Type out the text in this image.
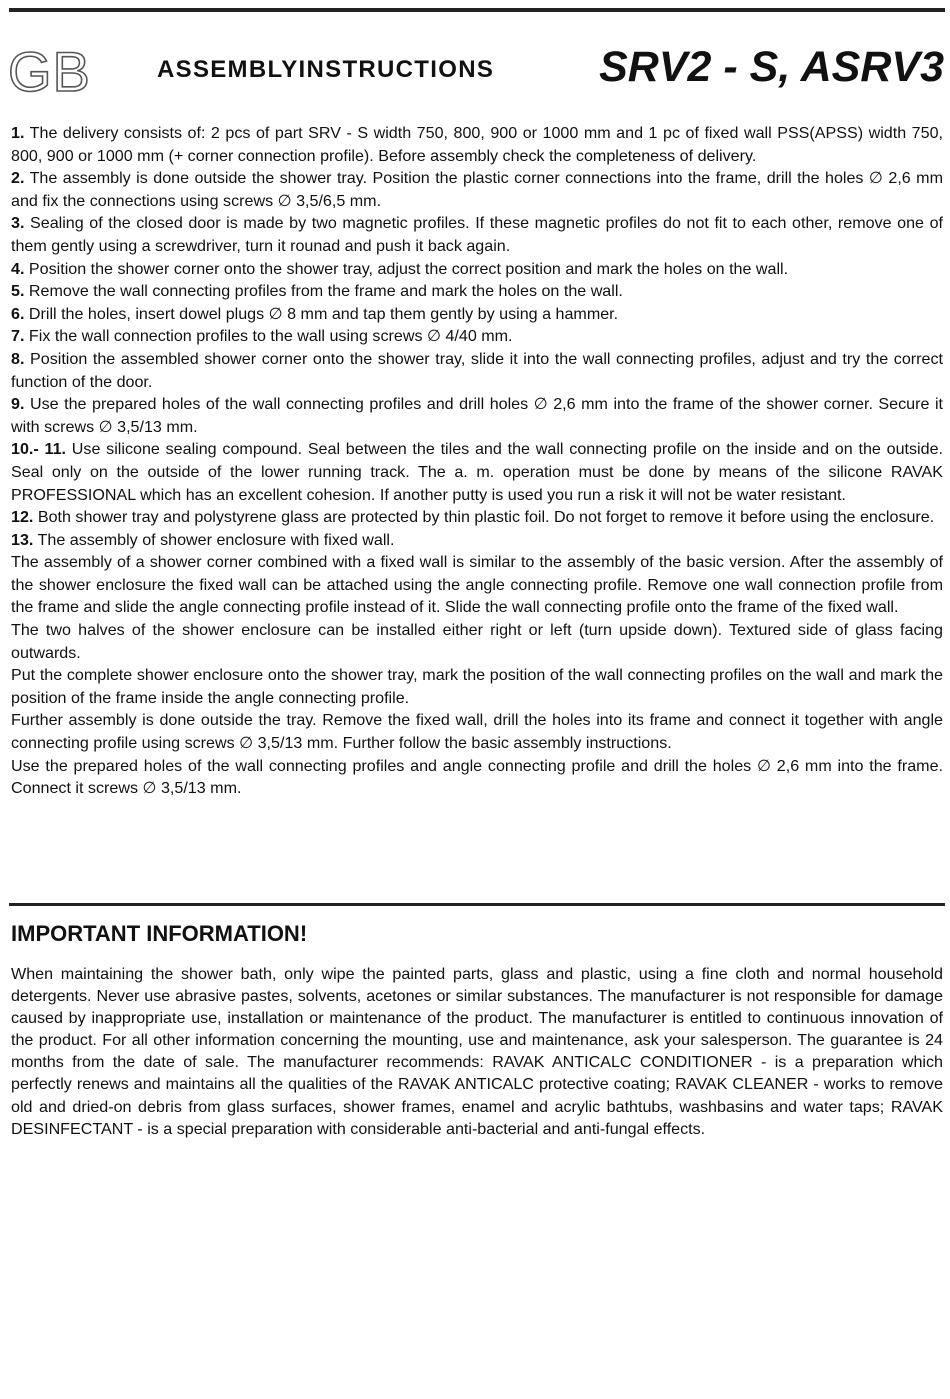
GB	ASSEMBLYINSTRUCTIONS SRV2 - S, ASRV3

1. The delivery consists of: 2 pcs of part SRV - S width 750, 800, 900 or 1000 mm and 1 pc of fixed wall PSS(APSS) width 750, 800, 900 or 1000 mm (+ corner connection profile). Before assembly check the completeness of delivery.

2. The assembly is done outside the shower tray. Position the plastic corner connections into the frame, drill the holes ∅ 2,6 mm and fix the connections using screws ∅ 3,5/6,5 mm.

3. Sealing of the closed door is made by two magnetic profiles. If these magnetic profiles do not fit to each other, remove one of them gently using a screwdriver, turn it rounad and push it back again.

4. Position the shower corner onto the shower tray, adjust the correct position and mark the holes on the wall.

5. Remove the wall connecting profiles from the frame and mark the holes on the wall.

6. Drill the holes, insert dowel plugs ∅ 8 mm and tap them gently by using a hammer.

7. Fix the wall connection profiles to the wall using screws ∅ 4/40 mm.

8. Position the assembled shower corner onto the shower tray, slide it into the wall connecting profiles, adjust and try the correct function of the door.

9. Use the prepared holes of the wall connecting profiles and drill holes ∅ 2,6 mm into the frame of the shower corner. Secure it with screws ∅ 3,5/13 mm.

10.- 11. Use silicone sealing compound. Seal between the tiles and the wall connecting profile on the inside and on the outside. Seal only on the outside of the lower running track. The a. m. operation must be done by means of the silicone RAVAK PROFESSIONAL which has an excellent cohesion. If another putty is used you run a risk it will not be water resistant.

12. Both shower tray and polystyrene glass are protected by thin plastic foil. Do not forget to remove it before using the enclosure.

13. The assembly of shower enclosure with fixed wall.

The assembly of a shower corner combined with a fixed wall is similar to the assembly of the basic version. After the assembly of the shower enclosure the fixed wall can be attached using the angle connecting profile. Remove one wall connection profile from the frame and slide the angle connecting profile instead of it. Slide the wall connecting profile onto the frame of the fixed wall.

The two halves of the shower enclosure can be installed either right or left (turn upside down). Textured side of glass facing outwards.

Put the complete shower enclosure onto the shower tray, mark the position of the wall connecting profiles on the wall and mark the position of the frame inside the angle connecting profile.

Further assembly is done outside the tray. Remove the fixed wall, drill the holes into its frame and connect it together with angle connecting profile using screws ∅ 3,5/13 mm. Further follow the basic assembly instructions.

Use the prepared holes of the wall connecting profiles and angle connecting profile and drill the holes ∅ 2,6 mm into the frame. Connect it screws ∅ 3,5/13 mm.

IMPORTANT INFORMATION!

When maintaining the shower bath, only wipe the painted parts, glass and plastic, using a fine cloth and normal household detergents. Never use abrasive pastes, solvents, acetones or similar substances. The manufacturer is not responsible for damage caused by inappropriate use, installation or maintenance of the product. The manufacturer is entitled to continuous innovation of the product. For all other information concerning the mounting, use and maintenance, ask your salesperson. The guarantee is 24 months from the date of sale. The manufacturer recommends: RAVAK ANTICALC CONDITIONER - is a preparation which perfectly renews and maintains all the qualities of the RAVAK ANTICALC protective coating; RAVAK CLEANER - works to remove old and dried-on debris from glass surfaces, shower frames, enamel and acrylic bathtubs, washbasins and water taps; RAVAK DESINFECTANT - is a special preparation with considerable anti-bacterial and anti-fungal effects.
